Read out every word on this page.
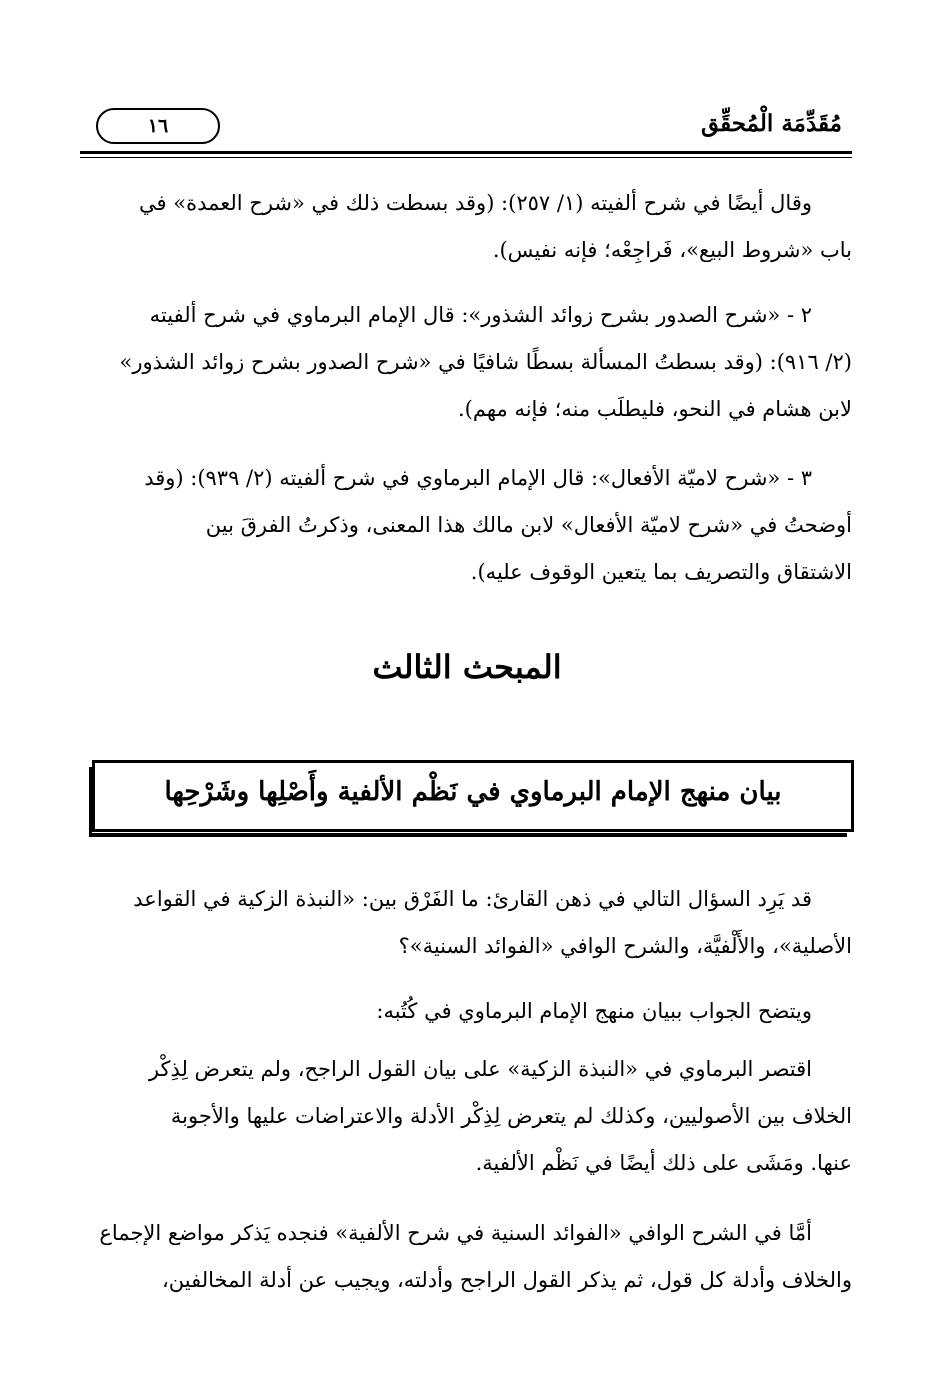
مُقَدِّمَة الْمُحقِّق
١٦

وقال أيضًا في شرح ألفيته (١/ ٢٥٧): (وقد بسطت ذلك في «شرح العمدة» في

باب «شروط البيع»، فَراجِعْه؛ فإنه نفيس).

٢ - «شرح الصدور بشرح زوائد الشذور»: قال الإمام البرماوي في شرح ألفيته

(٢/ ٩١٦): (وقد بسطتُ المسألة بسطًا شافيًا في «شرح الصدور بشرح زوائد الشذور»

لابن هشام في النحو، فليطلَب منه؛ فإنه مهم).

٣ - «شرح لاميّة الأفعال»: قال الإمام البرماوي في شرح ألفيته (٢/ ٩٣٩): (وقد

أوضحتُ في «شرح لاميّة الأفعال» لابن مالك هذا المعنى، وذكرتُ الفرقَ بين

الاشتقاق والتصريف بما يتعين الوقوف عليه).

المبحث الثالث
بيان منهج الإمام البرماوي في نَظْم الألفية وأَصْلِها وشَرْحِها

قد يَرِد السؤال التالي في ذهن القارئ: ما الفَرْق بين: «النبذة الزكية في القواعد

الأصلية»، والأَلْفيَّة، والشرح الوافي «الفوائد السنية»؟

ويتضح الجواب ببيان منهج الإمام البرماوي في كُتُبه:

اقتصر البرماوي في «النبذة الزكية» على بيان القول الراجح، ولم يتعرض لِذِكْر

الخلاف بين الأصوليين، وكذلك لم يتعرض لِذِكْر الأدلة والاعتراضات عليها والأجوبة

عنها. ومَشَى على ذلك أيضًا في نَظْم الألفية.

أمَّا في الشرح الوافي «الفوائد السنية في شرح الألفية» فنجده يَذكر مواضع الإجماع

والخلاف وأدلة كل قول، ثم يذكر القول الراجح وأدلته، ويجيب عن أدلة المخالفين،
